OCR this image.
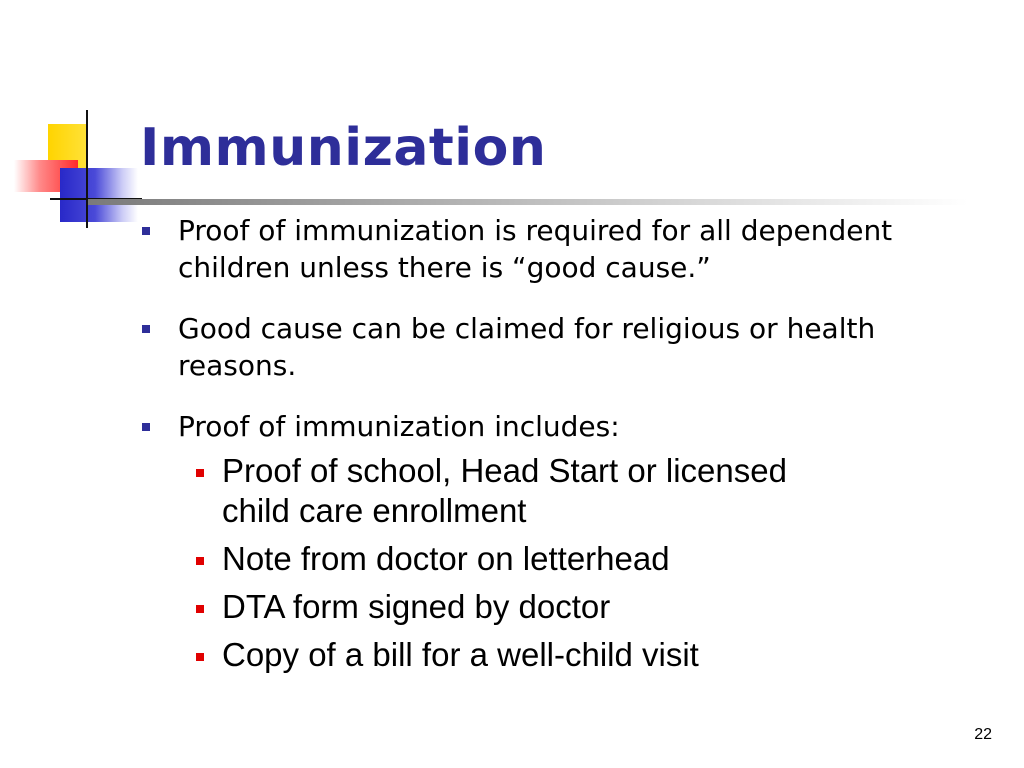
Immunization
Proof of immunization is required for all dependent children unless there is “good cause.”
Good cause can be claimed for religious or health reasons.
Proof of immunization includes:
Proof of school, Head Start or licensed child care enrollment
Note from doctor on letterhead
DTA form signed by doctor
Copy of a bill for a well-child visit
22
